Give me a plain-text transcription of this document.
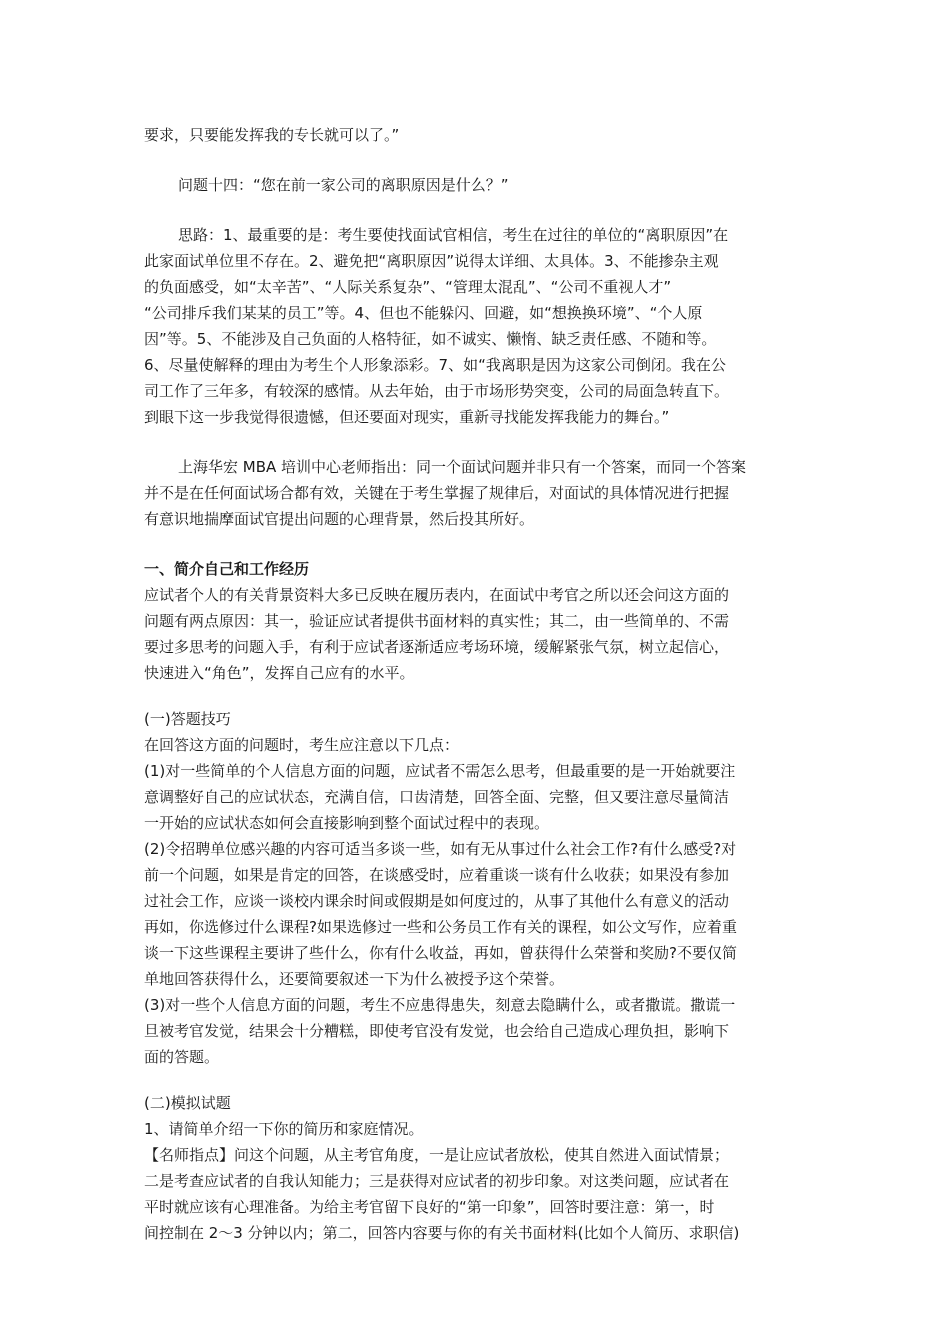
要求，只要能发挥我的专长就可以了。”
问题十四：“您在前一家公司的离职原因是什么？”
思路：1、最重要的是：考生要使找面试官相信，考生在过往的单位的“离职原因”在
此家面试单位里不存在。2、避免把“离职原因”说得太详细、太具体。3、不能掺杂主观
的负面感受，如“太辛苦”、“人际关系复杂”、“管理太混乱”、“公司不重视人才”
“公司排斥我们某某的员工”等。4、但也不能躲闪、回避，如“想换换环境”、“个人原
因”等。5、不能涉及自己负面的人格特征，如不诚实、懒惰、缺乏责任感、不随和等。
6、尽量使解释的理由为考生个人形象添彩。7、如“我离职是因为这家公司倒闭。我在公
司工作了三年多，有较深的感情。从去年始，由于市场形势突变，公司的局面急转直下。
到眼下这一步我觉得很遗憾，但还要面对现实，重新寻找能发挥我能力的舞台。”
上海华宏 MBA 培训中心老师指出：同一个面试问题并非只有一个答案，而同一个答案
并不是在任何面试场合都有效，关键在于考生掌握了规律后，对面试的具体情况进行把握
有意识地揣摩面试官提出问题的心理背景，然后投其所好。
一、简介自己和工作经历
应试者个人的有关背景资料大多已反映在履历表内，在面试中考官之所以还会问这方面的
问题有两点原因：其一，验证应试者提供书面材料的真实性；其二，由一些简单的、不需
要过多思考的问题入手，有利于应试者逐渐适应考场环境，缓解紧张气氛，树立起信心，
快速进入“角色”，发挥自己应有的水平。
(一)答题技巧
在回答这方面的问题时，考生应注意以下几点：
(1)对一些简单的个人信息方面的问题，应试者不需怎么思考，但最重要的是一开始就要注
意调整好自己的应试状态，充满自信，口齿清楚，回答全面、完整，但又要注意尽量简洁
一开始的应试状态如何会直接影响到整个面试过程中的表现。
(2)令招聘单位感兴趣的内容可适当多谈一些，如有无从事过什么社会工作?有什么感受?对
前一个问题，如果是肯定的回答，在谈感受时，应着重谈一谈有什么收获；如果没有参加
过社会工作，应谈一谈校内课余时间或假期是如何度过的，从事了其他什么有意义的活动
再如，你选修过什么课程?如果选修过一些和公务员工作有关的课程，如公文写作，应着重
谈一下这些课程主要讲了些什么，你有什么收益，再如，曾获得什么荣誉和奖励?不要仅简
单地回答获得什么，还要简要叙述一下为什么被授予这个荣誉。
(3)对一些个人信息方面的问题，考生不应患得患失，刻意去隐瞒什么，或者撒谎。撒谎一
旦被考官发觉，结果会十分糟糕，即使考官没有发觉，也会给自己造成心理负担，影响下
面的答题。
(二)模拟试题
1、请简单介绍一下你的简历和家庭情况。
【名师指点】问这个问题，从主考官角度，一是让应试者放松，使其自然进入面试情景；
二是考查应试者的自我认知能力；三是获得对应试者的初步印象。对这类问题，应试者在
平时就应该有心理准备。为给主考官留下良好的“第一印象”，回答时要注意：第一，时
间控制在 2～3 分钟以内；第二，回答内容要与你的有关书面材料(比如个人简历、求职信)
